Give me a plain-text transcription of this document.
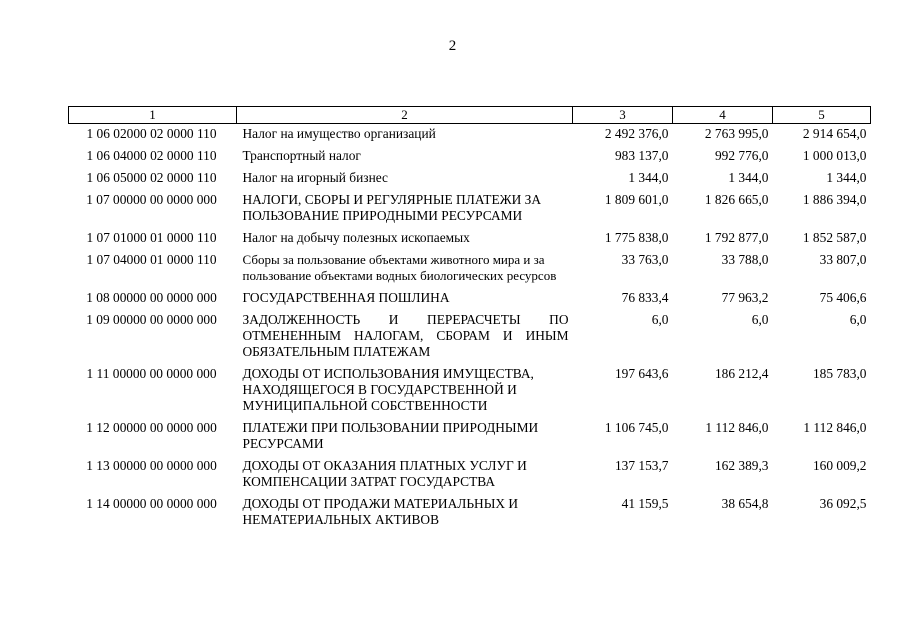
2
1	2	3	4	5
1 06 02000 02 0000 110	Налог на имущество организаций	2 492 376,0	2 763 995,0	2 914 654,0
1 06 04000 02 0000 110	Транспортный налог	983 137,0	992 776,0	1 000 013,0
1 06 05000 02 0000 110	Налог на игорный бизнес	1 344,0	1 344,0	1 344,0
1 07 00000 00 0000 000	НАЛОГИ, СБОРЫ И РЕГУЛЯРНЫЕ ПЛАТЕЖИ ЗА ПОЛЬЗОВАНИЕ ПРИРОДНЫМИ РЕСУРСАМИ	1 809 601,0	1 826 665,0	1 886 394,0
1 07 01000 01 0000 110	Налог на добычу полезных ископаемых	1 775 838,0	1 792 877,0	1 852 587,0
1 07 04000 01 0000 110	Сборы за пользование объектами животного мира и за пользование объектами водных биологических ресурсов	33 763,0	33 788,0	33 807,0
1 08 00000 00 0000 000	ГОСУДАРСТВЕННАЯ ПОШЛИНА	76 833,4	77 963,2	75 406,6
1 09 00000 00 0000 000	ЗАДОЛЖЕННОСТЬ И ПЕРЕРАСЧЕТЫ ПО ОТМЕНЕННЫМ НАЛОГАМ, СБОРАМ И ИНЫМ ОБЯЗАТЕЛЬНЫМ ПЛАТЕЖАМ	6,0	6,0	6,0
1 11 00000 00 0000 000	ДОХОДЫ ОТ ИСПОЛЬЗОВАНИЯ ИМУЩЕСТВА, НАХОДЯЩЕГОСЯ В ГОСУДАРСТВЕННОЙ И МУНИЦИПАЛЬНОЙ СОБСТВЕННОСТИ	197 643,6	186 212,4	185 783,0
1 12 00000 00 0000 000	ПЛАТЕЖИ ПРИ ПОЛЬЗОВАНИИ ПРИРОДНЫМИ РЕСУРСАМИ	1 106 745,0	1 112 846,0	1 112 846,0
1 13 00000 00 0000 000	ДОХОДЫ ОТ ОКАЗАНИЯ ПЛАТНЫХ УСЛУГ И КОМПЕНСАЦИИ ЗАТРАТ ГОСУДАРСТВА	137 153,7	162 389,3	160 009,2
1 14 00000 00 0000 000	ДОХОДЫ ОТ ПРОДАЖИ МАТЕРИАЛЬНЫХ И НЕМАТЕРИАЛЬНЫХ АКТИВОВ	41 159,5	38 654,8	36 092,5
